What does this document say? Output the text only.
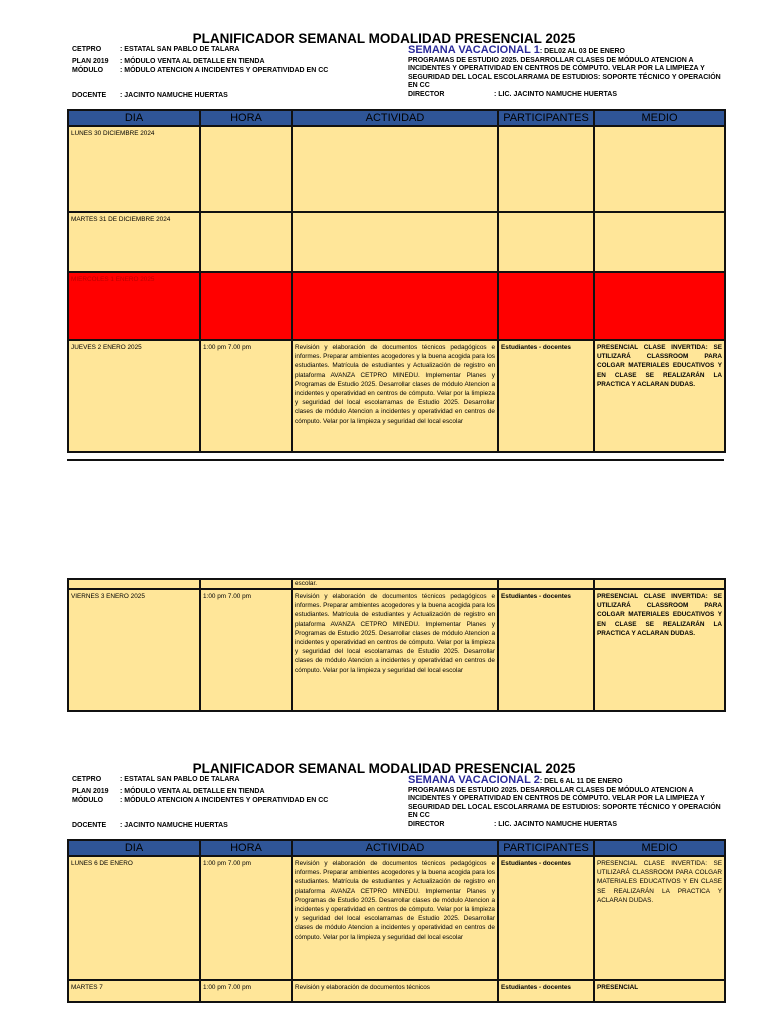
PLANIFICADOR SEMANAL MODALIDAD PRESENCIAL 2025
CETPRO	: ESTATAL SAN PABLO DE TALARA
PLAN 2019 : MÓDULO VENTA AL DETALLE EN TIENDA
MÓDULO : MÓDULO ATENCION A INCIDENTES Y OPERATIVIDAD EN CC
DOCENTE : JACINTO NAMUCHE HUERTAS
SEMANA VACACIONAL 1: DEL02 AL 03 DE ENERO
PROGRAMAS DE ESTUDIO 2025. DESARROLLAR CLASES DE MÓDULO ATENCION A INCIDENTES Y OPERATIVIDAD EN CENTROS DE CÓMPUTO. VELAR POR LA LIMPIEZA Y SEGURIDAD DEL LOCAL ESCOLARRAMA DE ESTUDIOS: SOPORTE TÉCNICO Y OPERACIÓN EN CC
DIRECTOR	: LIC. JACINTO NAMUCHE HUERTAS
DIA	HORA	ACTIVIDAD	PARTICIPANTES	MEDIO
LUNES 30 DICIEMBRE 2024				
MARTES 31 DE DICIEMBRE 2024				
MIERCOLES 1 ENERO 2025				
JUEVES 2 ENERO 2025	1:00 pm 7.00 pm	Revisión y elaboración de documentos técnicos pedagógicos e informes. Preparar ambientes acogedores y la buena acogida para los estudiantes. Matrícula de estudiantes y Actualización de registro en plataforma AVANZA CETPRO MINEDU. Implementar Planes y Programas de Estudio 2025. Desarrollar clases de módulo Atencion a incidentes y operatividad en centros de cómputo. Velar por la limpieza y seguridad del local escolarramas de Estudio 2025. Desarrollar clases de módulo Atencion a incidentes y operatividad en centros de cómputo. Velar por la limpieza y seguridad del local escolar	Estudiantes - docentes	PRESENCIAL CLASE INVERTIDA: SE UTILIZARÁ CLASSROOM PARA COLGAR MATERIALES EDUCATIVOS Y EN CLASE SE REALIZARÁN LA PRACTICA Y ACLARAN DUDAS.
		escolar.		
VIERNES 3 ENERO 2025	1:00 pm 7.00 pm	Revisión y elaboración de documentos técnicos pedagógicos e informes. Preparar ambientes acogedores y la buena acogida para los estudiantes. Matrícula de estudiantes y Actualización de registro en plataforma AVANZA CETPRO MINEDU. Implementar Planes y Programas de Estudio 2025. Desarrollar clases de módulo Atencion a incidentes y operatividad en centros de cómputo. Velar por la limpieza y seguridad del local escolarramas de Estudio 2025. Desarrollar clases de módulo Atencion a incidentes y operatividad en centros de cómputo. Velar por la limpieza y seguridad del local escolar	Estudiantes - docentes	PRESENCIAL CLASE INVERTIDA: SE UTILIZARÁ CLASSROOM PARA COLGAR MATERIALES EDUCATIVOS Y EN CLASE SE REALIZARÁN LA PRACTICA Y ACLARAN DUDAS.
PLANIFICADOR SEMANAL MODALIDAD PRESENCIAL 2025
CETPRO	: ESTATAL SAN PABLO DE TALARA
PLAN 2019 : MÓDULO VENTA AL DETALLE EN TIENDA
MÓDULO : MÓDULO ATENCION A INCIDENTES Y OPERATIVIDAD EN CC
DOCENTE : JACINTO NAMUCHE HUERTAS
SEMANA VACACIONAL 2: DEL 6 AL 11 DE ENERO
PROGRAMAS DE ESTUDIO 2025. DESARROLLAR CLASES DE MÓDULO ATENCION A INCIDENTES Y OPERATIVIDAD EN CENTROS DE CÓMPUTO. VELAR POR LA LIMPIEZA Y SEGURIDAD DEL LOCAL ESCOLARRAMA DE ESTUDIOS: SOPORTE TÉCNICO Y OPERACIÓN EN CC
DIRECTOR	: LIC. JACINTO NAMUCHE HUERTAS
DIA	HORA	ACTIVIDAD	PARTICIPANTES	MEDIO
LUNES 6 DE ENERO	1:00 pm 7.00 pm	Revisión y elaboración de documentos técnicos pedagógicos e informes. Preparar ambientes acogedores y la buena acogida para los estudiantes. Matrícula de estudiantes y Actualización de registro en plataforma AVANZA CETPRO MINEDU. Implementar Planes y Programas de Estudio 2025. Desarrollar clases de módulo Atencion a incidentes y operatividad en centros de cómputo. Velar por la limpieza y seguridad del local escolarramas de Estudio 2025. Desarrollar clases de módulo Atencion a incidentes y operatividad en centros de cómputo. Velar por la limpieza y seguridad del local escolar	Estudiantes - docentes	PRESENCIAL CLASE INVERTIDA: SE UTILIZARÁ CLASSROOM PARA COLGAR MATERIALES EDUCATIVOS Y EN CLASE SE REALIZARÁN LA PRACTICA Y ACLARAN DUDAS.
MARTES 7	1:00 pm 7.00 pm	Revisión y elaboración de documentos técnicos	Estudiantes - docentes	PRESENCIAL
